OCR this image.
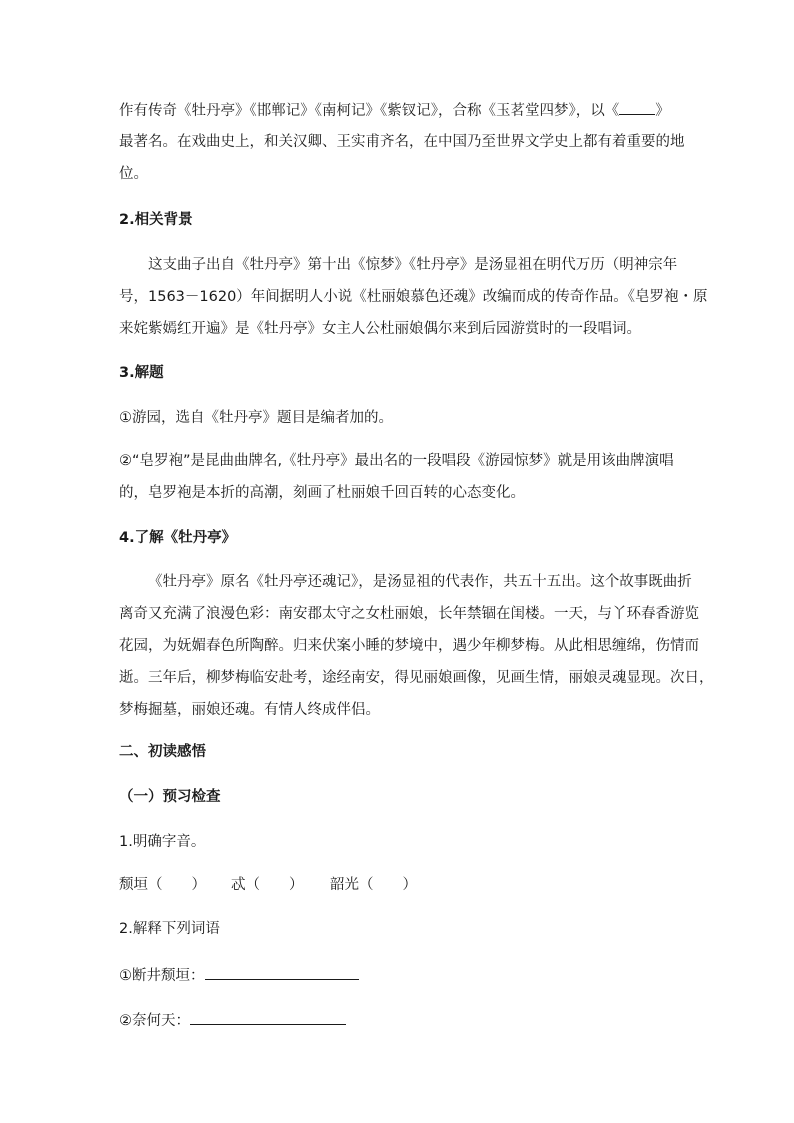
作有传奇《牡丹亭》《邯郸记》《南柯记》《紫钗记》，合称《玉茗堂四梦》，以《 》
最著名。在戏曲史上，和关汉卿、王实甫齐名，在中国乃至世界文学史上都有着重要的地
位。
2.相关背景
这支曲子出自《牡丹亭》第十出《惊梦》《牡丹亭》是汤显祖在明代万历（明神宗年
号，1563－1620）年间据明人小说《杜丽娘慕色还魂》改编而成的传奇作品。《皂罗袍・原
来姹紫嫣红开遍》是《牡丹亭》女主人公杜丽娘偶尔来到后园游赏时的一段唱词。
3.解题
①游园，选自《牡丹亭》题目是编者加的。
②“皂罗袍”是昆曲曲牌名,《牡丹亭》最出名的一段唱段《游园惊梦》就是用该曲牌演唱
的，皂罗袍是本折的高潮，刻画了杜丽娘千回百转的心态变化。
4.了解《牡丹亭》
《牡丹亭》原名《牡丹亭还魂记》，是汤显祖的代表作，共五十五出。这个故事既曲折
离奇又充满了浪漫色彩：南安郡太守之女杜丽娘，长年禁锢在闺楼。一天，与丫环春香游览
花园，为妩媚春色所陶醉。归来伏案小睡的梦境中，遇少年柳梦梅。从此相思缠绵，伤情而
逝。三年后，柳梦梅临安赴考，途经南安，得见丽娘画像，见画生情，丽娘灵魂显现。次日，
梦梅掘墓，丽娘还魂。有情人终成伴侣。
二、初读感悟
（一）预习检查
1.明确字音。
颓垣（　　） 忒（　　） 韶光（　　）
2.解释下列词语
①断井颓垣：
②奈何天：
